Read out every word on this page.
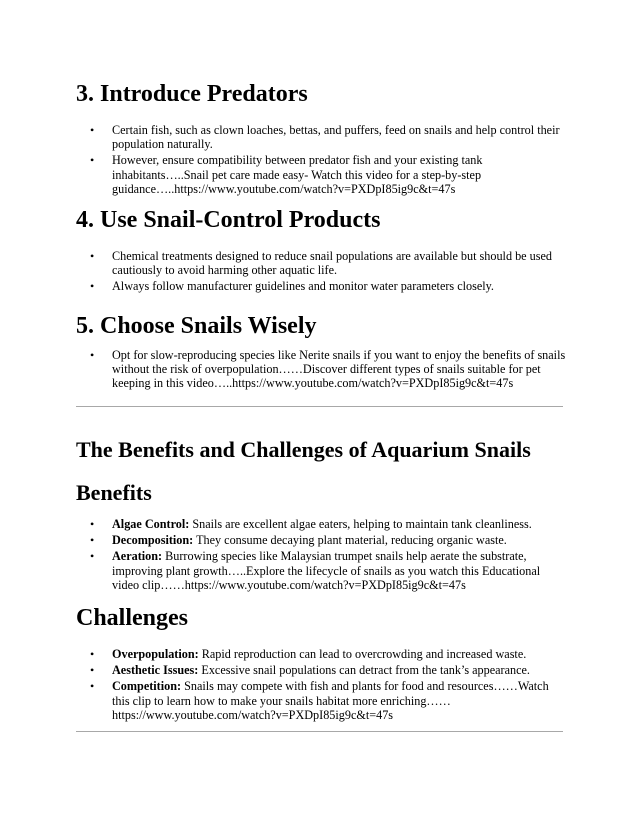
3. Introduce Predators
• Certain fish, such as clown loaches, bettas, and puffers, feed on snails and help control their population naturally.
• However, ensure compatibility between predator fish and your existing tank inhabitants…..Snail pet care made easy- Watch this video for a step-by-step guidance…..https://www.youtube.com/watch?v=PXDpI85ig9c&t=47s
4. Use Snail-Control Products
• Chemical treatments designed to reduce snail populations are available but should be used cautiously to avoid harming other aquatic life.
• Always follow manufacturer guidelines and monitor water parameters closely.
5. Choose Snails Wisely
• Opt for slow-reproducing species like Nerite snails if you want to enjoy the benefits of snails without the risk of overpopulation……Discover different types of snails suitable for pet keeping in this video…..https://www.youtube.com/watch?v=PXDpI85ig9c&t=47s
The Benefits and Challenges of Aquarium Snails
Benefits
• Algae Control: Snails are excellent algae eaters, helping to maintain tank cleanliness.
• Decomposition: They consume decaying plant material, reducing organic waste.
• Aeration: Burrowing species like Malaysian trumpet snails help aerate the substrate, improving plant growth…..Explore the lifecycle of snails as you watch this Educational video clip……https://www.youtube.com/watch?v=PXDpI85ig9c&t=47s
Challenges
• Overpopulation: Rapid reproduction can lead to overcrowding and increased waste.
• Aesthetic Issues: Excessive snail populations can detract from the tank’s appearance.
• Competition: Snails may compete with fish and plants for food and resources……Watch this clip to learn how to make your snails habitat more enriching……https://www.youtube.com/watch?v=PXDpI85ig9c&t=47s
